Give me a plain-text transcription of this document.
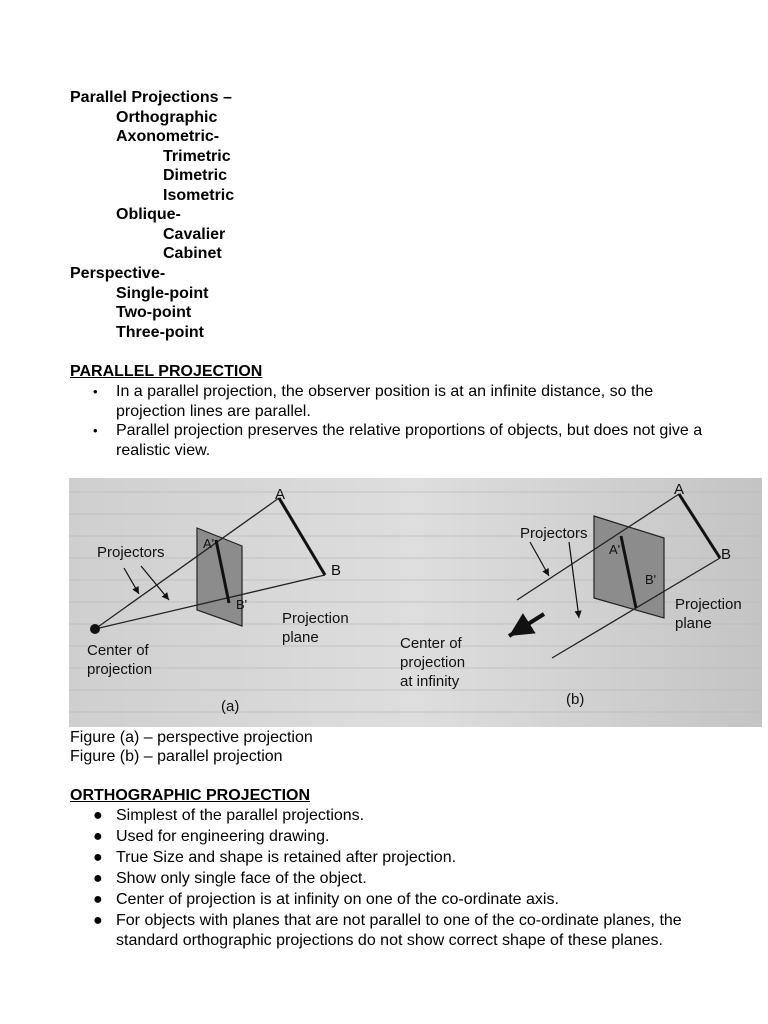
Parallel Projections –
Orthographic
Axonometric-
Trimetric
Dimetric
Isometric
Oblique-
Cavalier
Cabinet
Perspective-
Single-point
Two-point
Three-point
PARALLEL PROJECTION
• In a parallel projection, the observer position is at an infinite distance, so the projection lines are parallel.
• Parallel projection preserves the relative proportions of objects, but does not give a realistic view.
A
B
A'
B'
Projectors
Center of
projection
Projection
plane
(a)
A
B
A'
B'
Projectors
Center of
projection
at infinity
Projection
plane
(b)
Figure (a) – perspective projection
Figure (b) – parallel projection
ORTHOGRAPHIC PROJECTION
● Simplest of the parallel projections.
● Used for engineering drawing.
● True Size and shape is retained after projection.
● Show only single face of the object.
● Center of projection is at infinity on one of the co-ordinate axis.
● For objects with planes that are not parallel to one of the co-ordinate planes, the standard orthographic projections do not show correct shape of these planes.
